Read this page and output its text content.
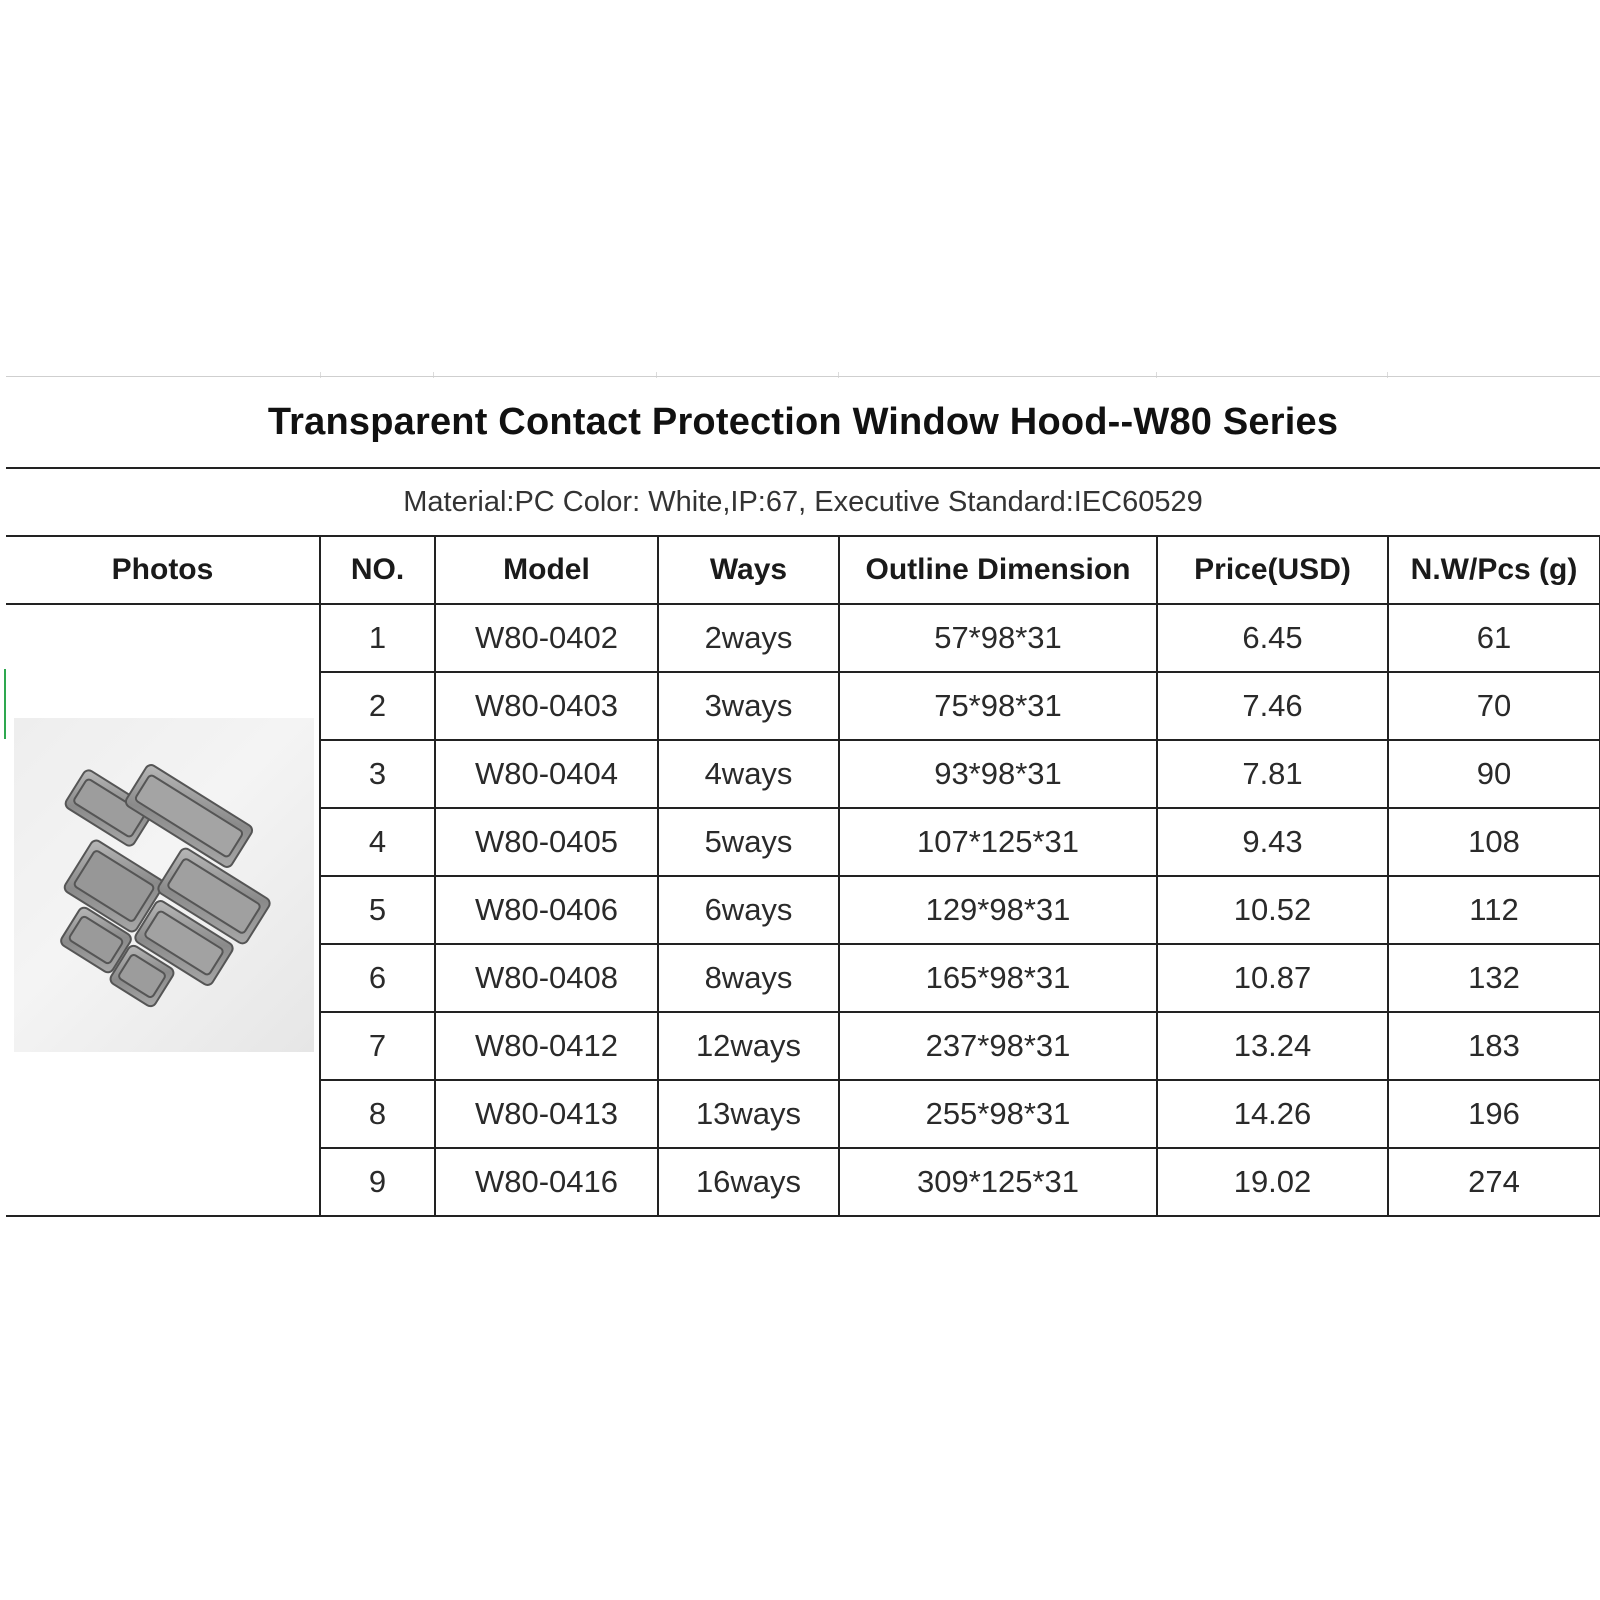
Transparent Contact Protection Window Hood--W80 Series						
Material:PC Color: White,IP:67, Executive Standard:IEC60529						
Photos	NO.	Model	Ways	Outline Dimension	Price(USD)	N.W/Pcs (g)

	1	W80-0402	2ways	57*98*31	6.45	61
	2	W80-0403	3ways	75*98*31	7.46	70
	3	W80-0404	4ways	93*98*31	7.81	90
	4	W80-0405	5ways	107*125*31	9.43	108
	5	W80-0406	6ways	129*98*31	10.52	112
	6	W80-0408	8ways	165*98*31	10.87	132
	7	W80-0412	12ways	237*98*31	13.24	183
	8	W80-0413	13ways	255*98*31	14.26	196
	9	W80-0416	16ways	309*125*31	19.02	274
